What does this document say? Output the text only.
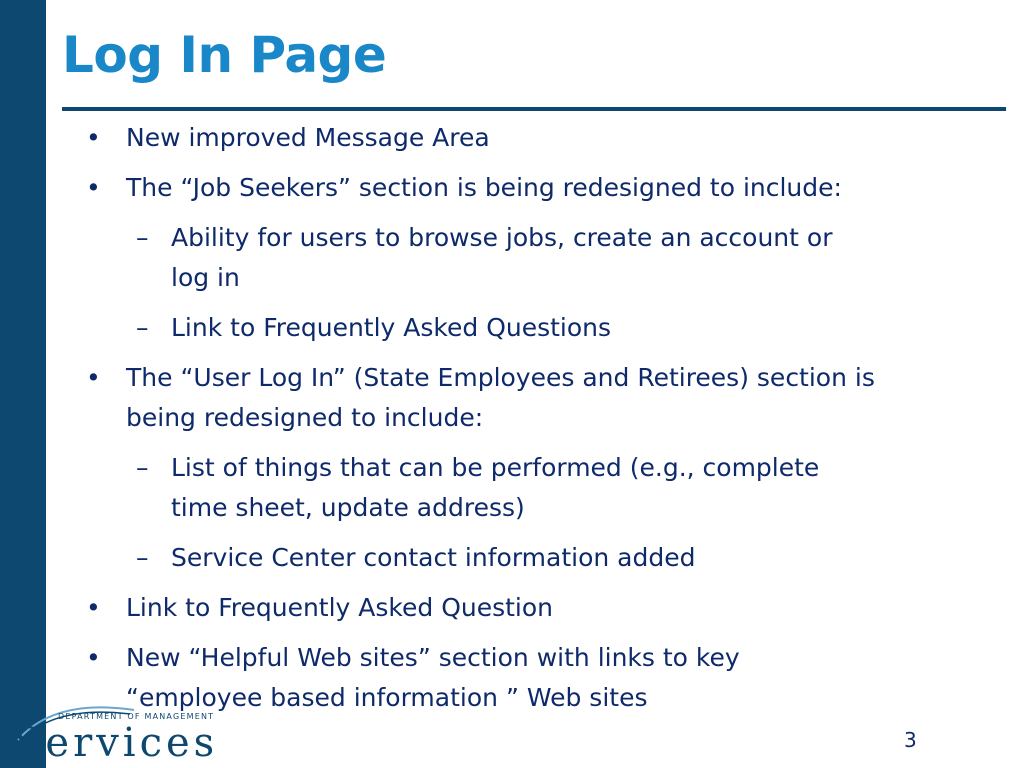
Log In Page
• New improved Message Area
• The “Job Seekers” section is being redesigned to include:
– Ability for users to browse jobs, create an account or log in
– Link to Frequently Asked Questions
• The “User Log In” (State Employees and Retirees) section is being redesigned to include:
– List of things that can be performed (e.g., complete time sheet, update address)
– Service Center contact information added
• Link to Frequently Asked Question
• New “Helpful Web sites” section with links to key “employee based information ” Web sites
DEPARTMENT OF MANAGEMENT
Services	3
